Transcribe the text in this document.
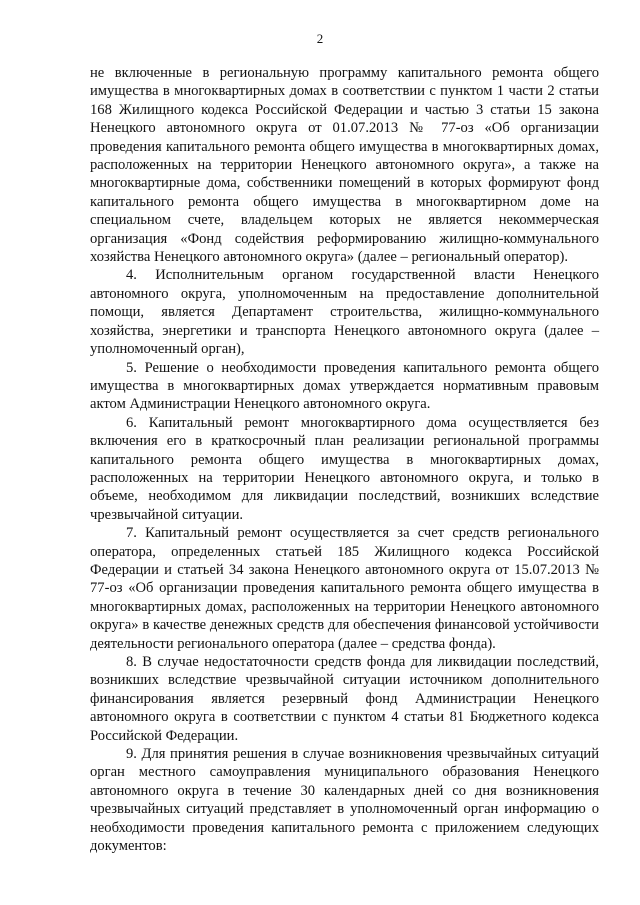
2

не включенные в региональную программу капитального ремонта общего имущества в многоквартирных домах в соответствии с пунктом 1 части 2 статьи 168 Жилищного кодекса Российской Федерации и частью 3 статьи 15 закона Ненецкого автономного округа от 01.07.2013 № 77-оз «Об организации проведения капитального ремонта общего имущества в многоквартирных домах, расположенных на территории Ненецкого автономного округа», а также на многоквартирные дома, собственники помещений в которых формируют фонд капитального ремонта общего имущества в многоквартирном доме на специальном счете, владельцем которых не является некоммерческая организация «Фонд содействия реформированию жилищно-коммунального хозяйства Ненецкого автономного округа» (далее – региональный оператор).

4. Исполнительным органом государственной власти Ненецкого автономного округа, уполномоченным на предоставление дополнительной помощи, является Департамент строительства, жилищно-коммунального хозяйства, энергетики и транспорта Ненецкого автономного округа (далее – уполномоченный орган),

5. Решение о необходимости проведения капитального ремонта общего имущества в многоквартирных домах утверждается нормативным правовым актом Администрации Ненецкого автономного округа.

6. Капитальный ремонт многоквартирного дома осуществляется без включения его в краткосрочный план реализации региональной программы капитального ремонта общего имущества в многоквартирных домах, расположенных на территории Ненецкого автономного округа, и только в объеме, необходимом для ликвидации последствий, возникших вследствие чрезвычайной ситуации.

7. Капитальный ремонт осуществляется за счет средств регионального оператора, определенных статьей 185 Жилищного кодекса Российской Федерации и статьей 34 закона Ненецкого автономного округа от 15.07.2013 № 77-оз «Об организации проведения капитального ремонта общего имущества в многоквартирных домах, расположенных на территории Ненецкого автономного округа» в качестве денежных средств для обеспечения финансовой устойчивости деятельности регионального оператора (далее – средства фонда).

8. В случае недостаточности средств фонда для ликвидации последствий, возникших вследствие чрезвычайной ситуации источником дополнительного финансирования является резервный фонд Администрации Ненецкого автономного округа в соответствии с пунктом 4 статьи 81 Бюджетного кодекса Российской Федерации.

9. Для принятия решения в случае возникновения чрезвычайных ситуаций орган местного самоуправления муниципального образования Ненецкого автономного округа в течение 30 календарных дней со дня возникновения чрезвычайных ситуаций представляет в уполномоченный орган информацию о необходимости проведения капитального ремонта с приложением следующих документов:
